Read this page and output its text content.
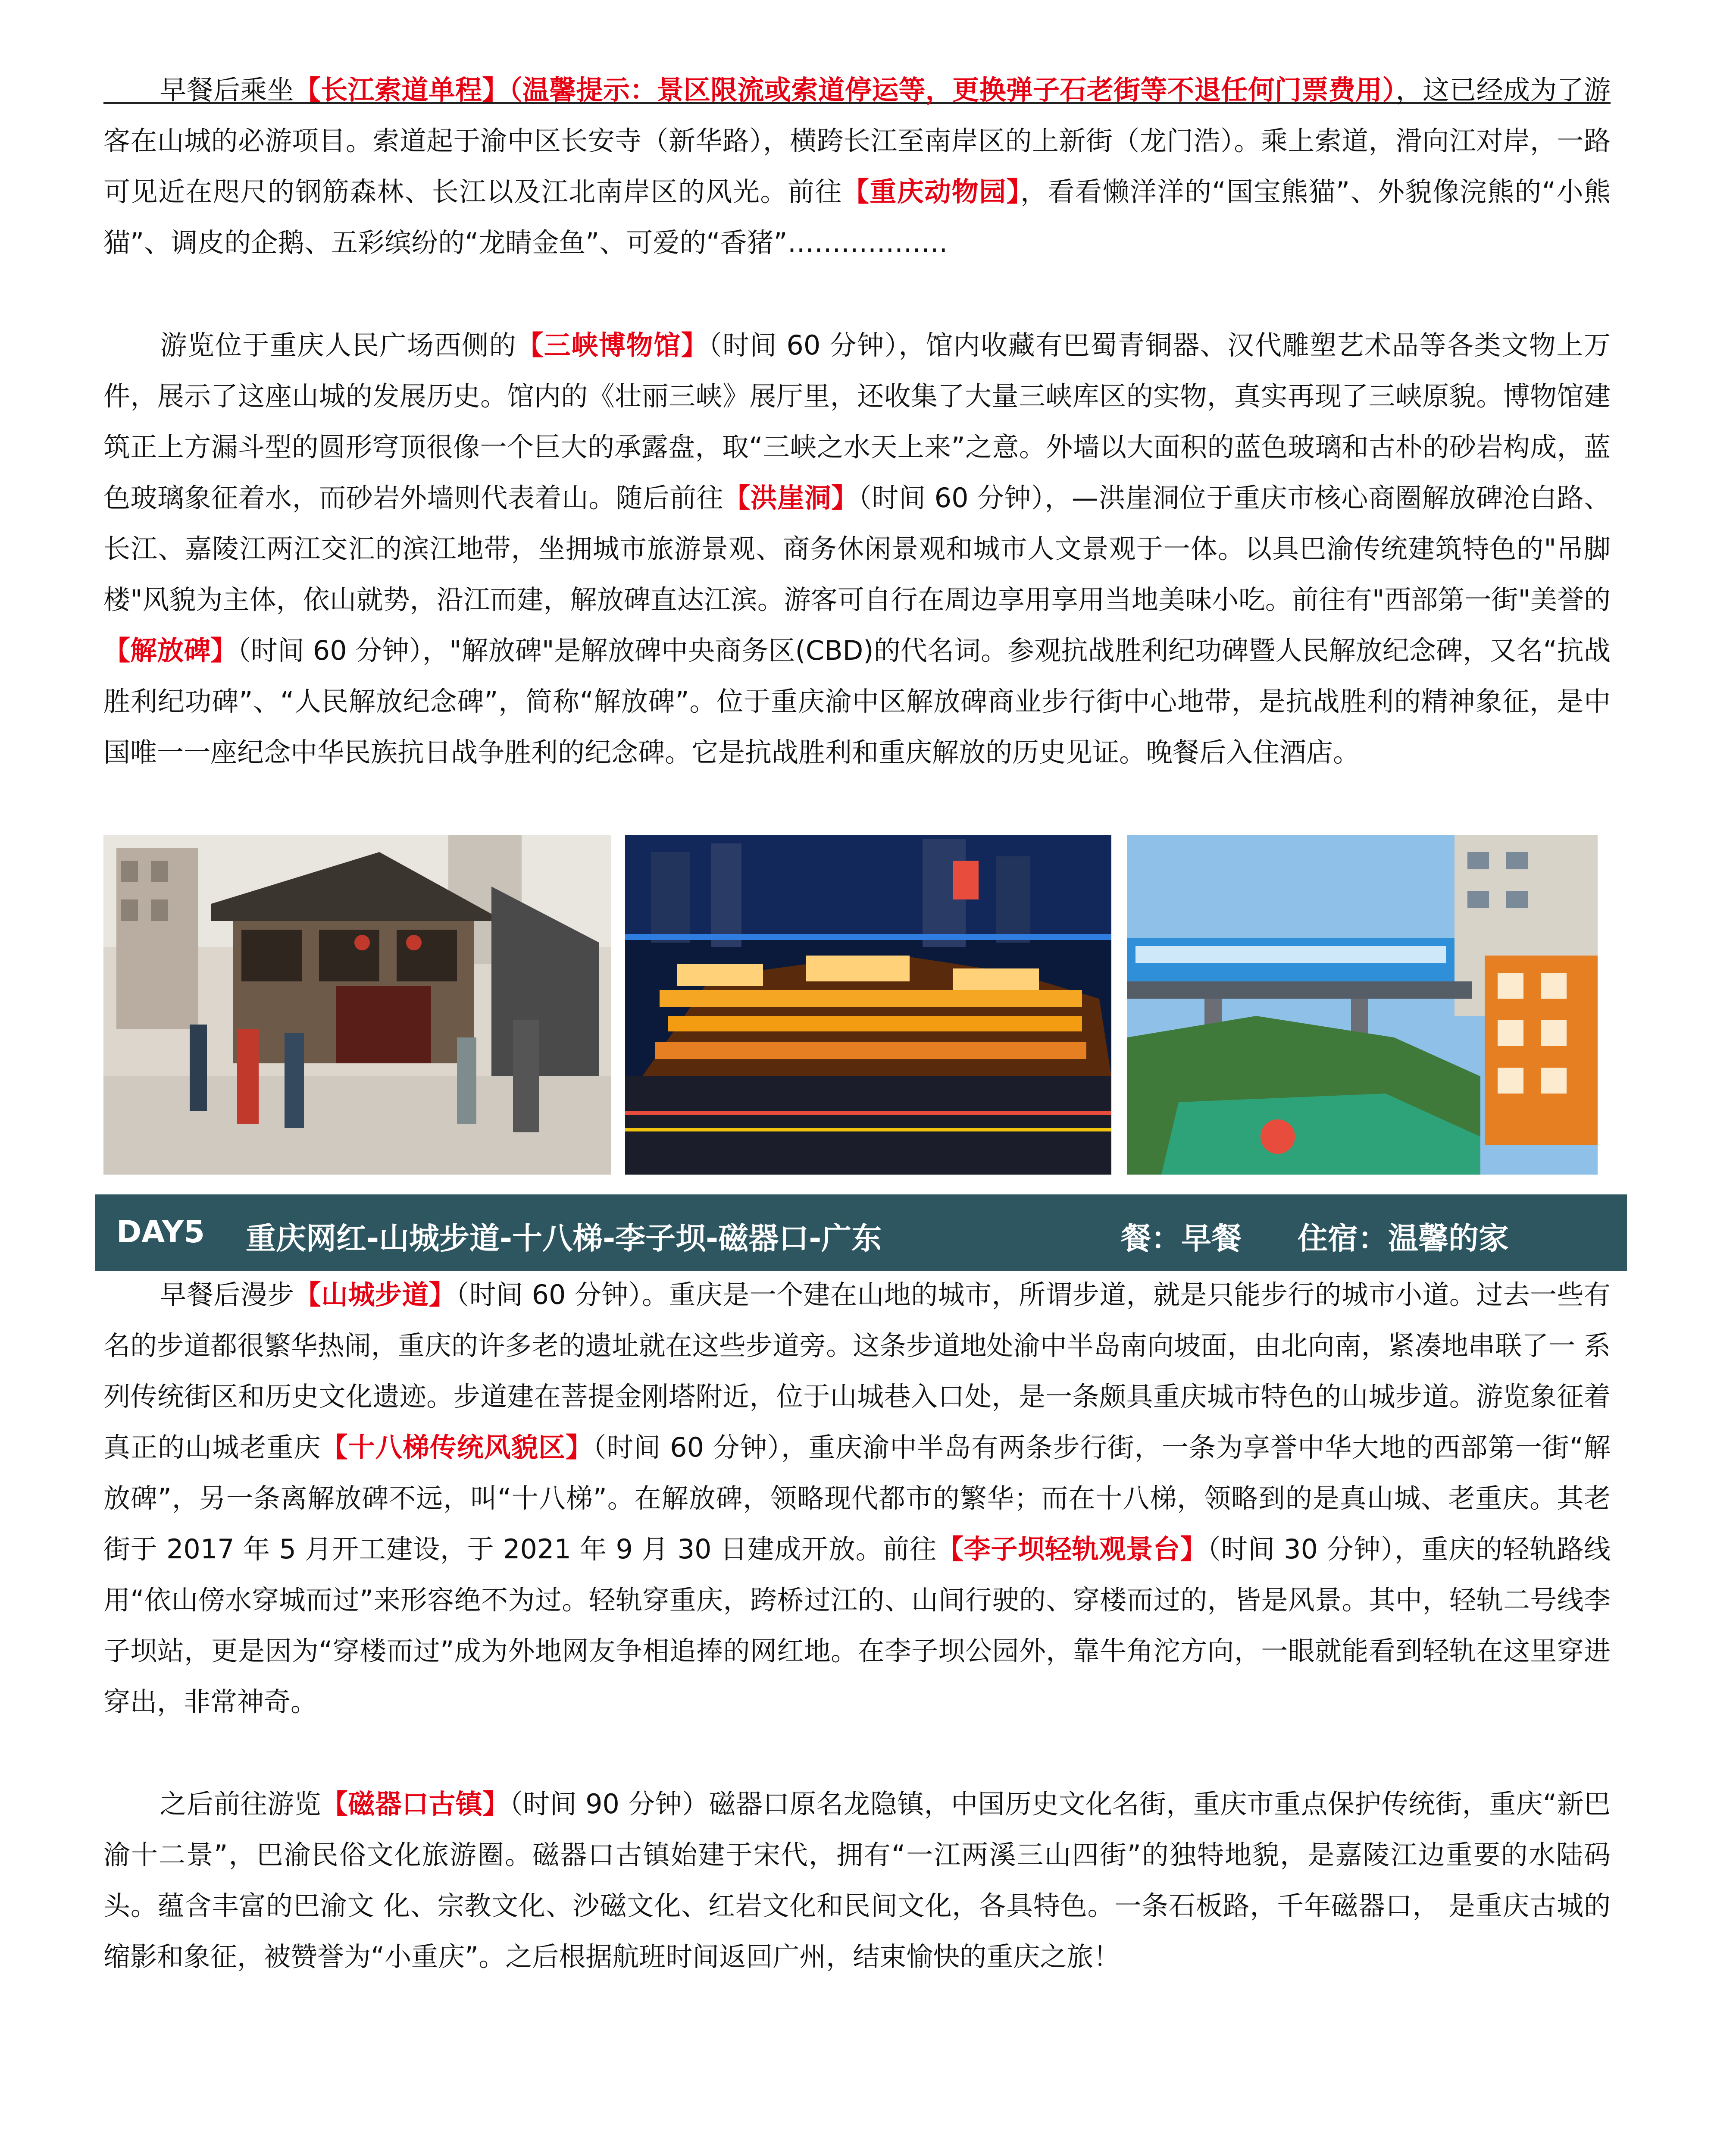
早餐后乘坐【长江索道单程】（温馨提示：景区限流或索道停运等，更换弹子石老街等不退任何门票费用），这已经成为了游客在山城的必游项目。索道起于渝中区长安寺（新华路），横跨长江至南岸区的上新街（龙门浩）。乘上索道，滑向江对岸，一路可见近在咫尺的钢筋森林、长江以及江北南岸区的风光。前往【重庆动物园】，看看懒洋洋的“国宝熊猫”、外貌像浣熊的“小熊猫”、调皮的企鹅、五彩缤纷的“龙睛金鱼”、可爱的“香猪”………………

游览位于重庆人民广场西侧的【三峡博物馆】（时间 60 分钟），馆内收藏有巴蜀青铜器、汉代雕塑艺术品等各类文物上万件，展示了这座山城的发展历史。馆内的《壮丽三峡》展厅里，还收集了大量三峡库区的实物，真实再现了三峡原貌。博物馆建筑正上方漏斗型的圆形穹顶很像一个巨大的承露盘，取“三峡之水天上来”之意。外墙以大面积的蓝色玻璃和古朴的砂岩构成，蓝色玻璃象征着水，而砂岩外墙则代表着山。随后前往【洪崖洞】（时间 60 分钟），—洪崖洞位于重庆市核心商圈解放碑沧白路、长江、嘉陵江两江交汇的滨江地带，坐拥城市旅游景观、商务休闲景观和城市人文景观于一体。以具巴渝传统建筑特色的"吊脚楼"风貌为主体，依山就势，沿江而建，解放碑直达江滨。游客可自行在周边享用享用当地美味小吃。前往有"西部第一街"美誉的【解放碑】（时间 60 分钟），"解放碑"是解放碑中央商务区(CBD)的代名词。参观抗战胜利纪功碑暨人民解放纪念碑，又名“抗战胜利纪功碑”、“人民解放纪念碑”，简称“解放碑”。位于重庆渝中区解放碑商业步行街中心地带，是抗战胜利的精神象征，是中国唯一一座纪念中华民族抗日战争胜利的纪念碑。它是抗战胜利和重庆解放的历史见证。晚餐后入住酒店。

DAY5 重庆网红-山城步道-十八梯-李子坝-磁器口-广东	餐：早餐 住宿：温馨的家

早餐后漫步【山城步道】（时间 60 分钟）。重庆是一个建在山地的城市，所谓步道，就是只能步行的城市小道。过去一些有名的步道都很繁华热闹，重庆的许多老的遗址就在这些步道旁。这条步道地处渝中半岛南向坡面，由北向南，紧凑地串联了一 系列传统街区和历史文化遗迹。步道建在菩提金刚塔附近，位于山城巷入口处，是一条颇具重庆城市特色的山城步道。游览象征着真正的山城老重庆【十八梯传统风貌区】（时间 60 分钟），重庆渝中半岛有两条步行街，一条为享誉中华大地的西部第一街“解放碑”，另一条离解放碑不远，叫“十八梯”。在解放碑，领略现代都市的繁华；而在十八梯，领略到的是真山城、老重庆。其老街于 2017 年 5 月开工建设，于 2021 年 9 月 30 日建成开放。前往【李子坝轻轨观景台】（时间 30 分钟），重庆的轻轨路线用“依山傍水穿城而过”来形容绝不为过。轻轨穿重庆，跨桥过江的、山间行驶的、穿楼而过的，皆是风景。其中，轻轨二号线李子坝站，更是因为“穿楼而过”成为外地网友争相追捧的网红地。在李子坝公园外，靠牛角沱方向，一眼就能看到轻轨在这里穿进穿出，非常神奇。

之后前往游览【磁器口古镇】（时间 90 分钟）磁器口原名龙隐镇，中国历史文化名街，重庆市重点保护传统街，重庆“新巴渝十二景”，巴渝民俗文化旅游圈。磁器口古镇始建于宋代，拥有“一江两溪三山四街”的独特地貌，是嘉陵江边重要的水陆码头。蕴含丰富的巴渝文 化、宗教文化、沙磁文化、红岩文化和民间文化，各具特色。一条石板路，千年磁器口， 是重庆古城的缩影和象征，被赞誉为“小重庆”。之后根据航班时间返回广州，结束愉快的重庆之旅！
